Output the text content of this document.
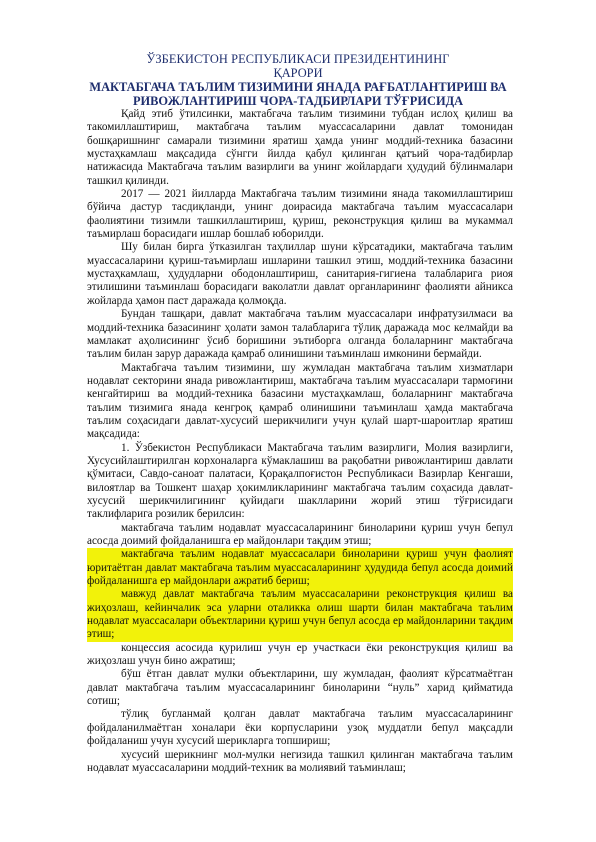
ЎЗБЕКИСТОН РЕСПУБЛИКАСИ ПРЕЗИДЕНТИНИНГ
ҚАРОРИ
МАКТАБГАЧА ТАЪЛИМ ТИЗИМИНИ ЯНАДА РАҒБАТЛАНТИРИШ ВА
РИВОЖЛАНТИРИШ ЧОРА-ТАДБИРЛАРИ ТЎҒРИСИДА

Қайд этиб ўтилсинки, мактабгача таълим тизимини тубдан ислоҳ қилиш ва такомиллаштириш, мактабгача таълим муассасаларини давлат томонидан бошқаришнинг самарали тизимини яратиш ҳамда унинг моддий-техника базасини мустаҳкамлаш мақсадида сўнгги йилда қабул қилинган қатъий чора-тадбирлар натижасида Мактабгача таълим вазирлиги ва унинг жойлардаги ҳудудий бўлинмалари ташкил қилинди.

2017 — 2021 йилларда Мактабгача таълим тизимини янада такомиллаштириш бўйича дастур тасдиқланди, унинг доирасида мактабгача таълим муассасалари фаолиятини тизимли ташкиллаштириш, қуриш, реконструкция қилиш ва мукаммал таъмирлаш борасидаги ишлар бошлаб юборилди.

Шу билан бирга ўтказилган таҳлиллар шуни кўрсатадики, мактабгача таълим муассасаларини қуриш-таъмирлаш ишларини ташкил этиш, моддий-техника базасини мустаҳкамлаш, ҳудудларни ободонлаштириш, санитария-гигиена талабларига риоя этилишини таъминлаш борасидаги ваколатли давлат органларининг фаолияти айникса жойларда ҳамон паст даражада қолмоқда.

Бундан ташқари, давлат мактабгача таълим муассасалари инфратузилмаси ва моддий-техника базасининг ҳолати замон талабларига тўлиқ даражада мос келмайди ва мамлакат аҳолисининг ўсиб боришини эътиборга олганда болаларнинг мактабгача таълим билан зарур даражада қамраб олинишини таъминлаш имконини бермайди.

Мактабгача таълим тизимини, шу жумладан мактабгача таълим хизматлари нодавлат секторини янада ривожлантириш, мактабгача таълим муассасалари тармоғини кенгайтириш ва моддий-техника базасини мустаҳкамлаш, болаларнинг мактабгача таълим тизимига янада кенгроқ қамраб олинишини таъминлаш ҳамда мактабгача таълим соҳасидаги давлат-хусусий шерикчилиги учун қулай шарт-шароитлар яратиш мақсадида:

1. Ўзбекистон Республикаси Мактабгача таълим вазирлиги, Молия вазирлиги, Хусусийлаштирилган корхоналарга кўмаклашиш ва рақобатни ривожлантириш давлати қўмитаси, Савдо-саноат палатаси, Қорақалпоғистон Республикаси Вазирлар Кенгаши, вилоятлар ва Тошкент шаҳар ҳокимликларининг мактабгача таълим соҳасида давлат-хусусий шерикчилигининг қуйидаги шаклларини жорий этиш тўғрисидаги таклифларига розилик берилсин:

мактабгача таълим нодавлат муассасаларининг биноларини қуриш учун бепул асосда доимий фойдаланишга ер майдонлари тақдим этиш;

мактабгача таълим нодавлат муассасалари биноларини қуриш учун фаолият юритаётган давлат мактабгача таълим муассасаларининг ҳудудида бепул асосда доимий фойдаланишга ер майдонлари ажратиб бериш;

мавжуд давлат мактабгача таълим муассасаларини реконструкция қилиш ва жиҳозлаш, кейинчалик эса уларни оталикка олиш шарти билан мактабгача таълим нодавлат муассасалари объектларини қуриш учун бепул асосда ер майдонларини тақдим этиш;

концессия асосида қурилиш учун ер участкаси ёки реконструкция қилиш ва жиҳозлаш учун бино ажратиш;

бўш ётган давлат мулки объектларини, шу жумладан, фаолият кўрсатмаётган давлат мактабгача таълим муассасаларининг биноларини “нуль” харид қийматида сотиш;

тўлиқ бугланмай қолган давлат мактабгача таълим муассасаларининг фойдаланилмаётган хоналари ёки корпусларини узоқ муддатли бепул мақсадли фойдаланиш учун хусусий шерикларга топшириш;

хусусий шерикнинг мол-мулки негизида ташкил қилинган мактабгача таълим нодавлат муассасаларини моддий-техник ва молиявий таъминлаш;
